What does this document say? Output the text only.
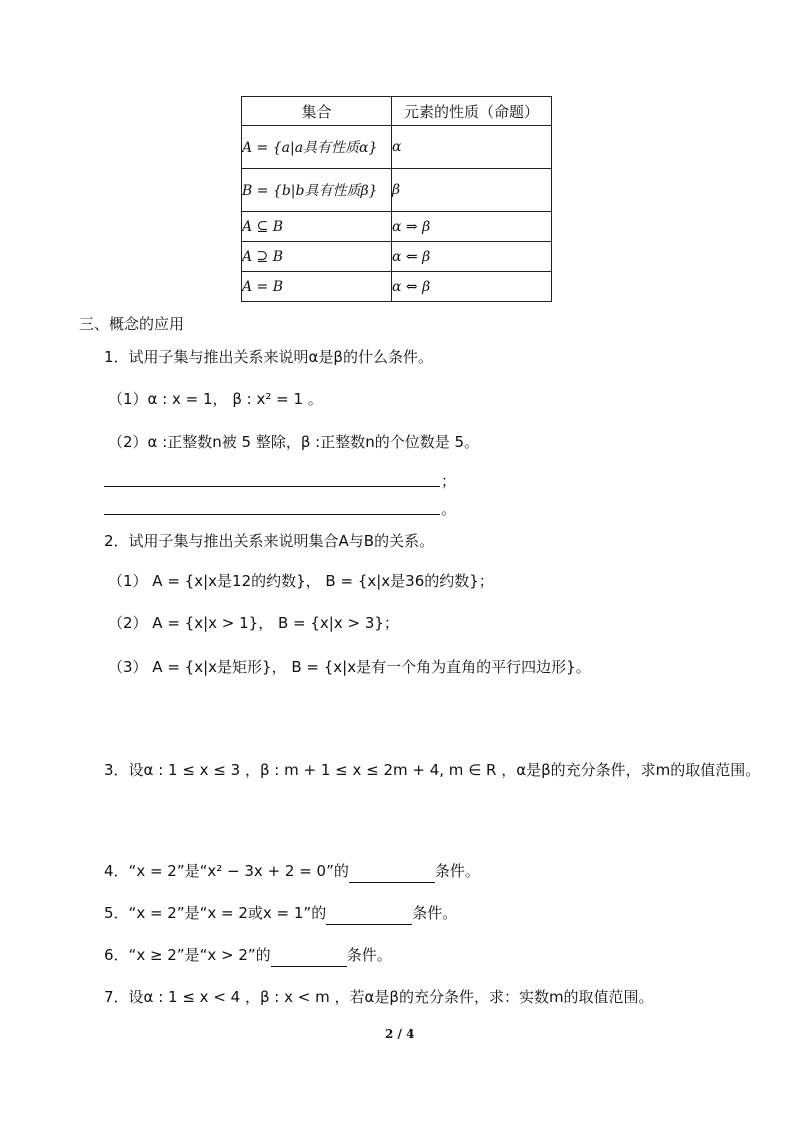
集合	元素的性质（命题）
A = {a|a具有性质α}	α
B = {b|b具有性质β}	β
A ⊆ B	α ⇒ β
A ⊇ B	α ⇐ β
A = B	α ⇔ β
三、概念的应用
1．试用子集与推出关系来说明α是β的什么条件。
（1）α : x = 1， β : x² = 1 。
（2）α :正整数n被 5 整除，β :正整数n的个位数是 5。
；
。
2．试用子集与推出关系来说明集合A与B的关系。
（1） A = {x|x是12的约数}， B = {x|x是36的约数}；
（2） A = {x|x > 1}， B = {x|x > 3}；
（3） A = {x|x是矩形}， B = {x|x是有一个角为直角的平行四边形}。
3．设α : 1 ≤ x ≤ 3 ，β : m + 1 ≤ x ≤ 2m + 4, m ∈ R ，α是β的充分条件，求m的取值范围。
4．“x = 2”是“x² − 3x + 2 = 0”的	条件。
5．“x = 2”是“x = 2或x = 1”的	条件。
6．“x ≥ 2”是“x > 2”的	条件。
7．设α : 1 ≤ x < 4 ，β : x < m ，若α是β的充分条件，求：实数m的取值范围。
2 / 4
